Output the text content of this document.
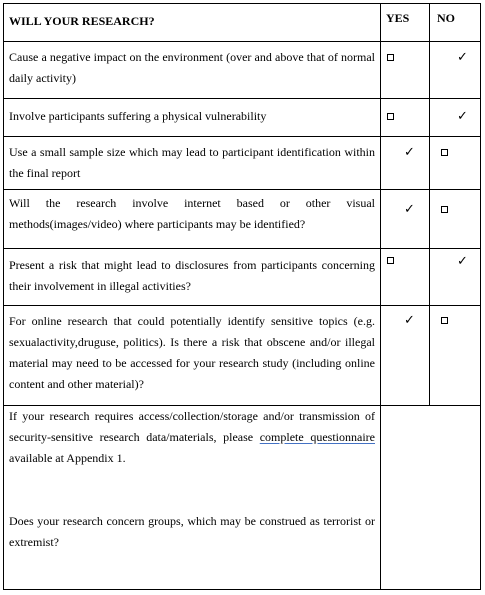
WILL YOUR RESEARCH?	YES NO
Cause a negative impact on the environment (over and above that of normal daily activity)
✓
Involve participants suffering a physical vulnerability	✓
Use a small sample size which may lead to participant identification within the final report
✓
Will the research involve internet based or other visual methods(images/video) where participants may be identified?
✓
Present a risk that might lead to disclosures from participants concerning their involvement in illegal activities?
✓
For online research that could potentially identify sensitive topics (e.g. sexualactivity,druguse, politics). Is there a risk that obscene and/or illegal material may need to be accessed for your research study (including online content and other material)?
✓

If your research requires access/collection/storage and/or transmission of security-sensitive research data/materials, please complete questionnaire available at Appendix 1.

Does your research concern groups, which may be construed as terrorist or extremist?
